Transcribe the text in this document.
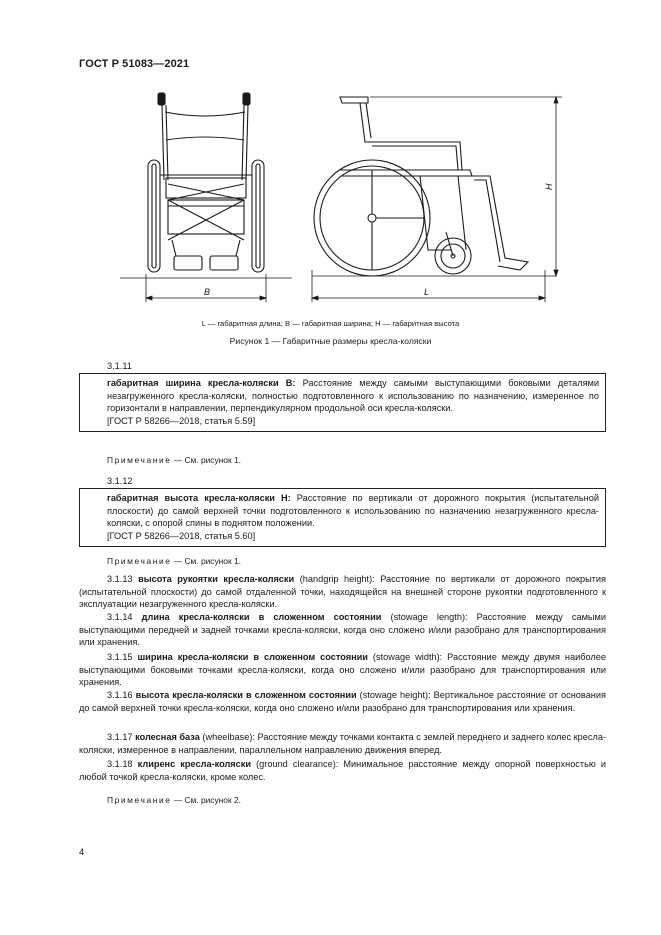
ГОСТ Р 51083—2021
B	L
H
L — габаритная длина; B — габаритная ширина; H — габаритная высота
Рисунок 1 — Габаритные размеры кресла-коляски
3.1.11
габаритная ширина кресла-коляски B: Расстояние между самыми выступающими боковыми деталями незагруженного кресла-коляски, полностью подготовленного к использованию по назначению, измеренное по горизонтали в направлении, перпендикулярном продольной оси кресла-коляски.
[ГОСТ Р 58266—2018, статья 5.59]
Примечание — См. рисунок 1.
3.1.12
габаритная высота кресла-коляски H: Расстояние по вертикали от дорожного покрытия (испытательной плоскости) до самой верхней точки подготовленного к использованию по назначению незагруженного кресла-коляски, с опорой спины в поднятом положении.
[ГОСТ Р 58266—2018, статья 5.60]
Примечание — См. рисунок 1.
3.1.13 высота рукоятки кресла-коляски (handgrip height): Расстояние по вертикали от дорожного покрытия (испытательной плоскости) до самой отдаленной точки, находящейся на внешней стороне рукоятки подготовленного к эксплуатации незагруженного кресла-коляски.
3.1.14 длина кресла-коляски в сложенном состоянии (stowage length): Расстояние между самыми выступающими передней и задней точками кресла-коляски, когда оно сложено и/или разобрано для транспортирования или хранения.
3.1.15 ширина кресла-коляски в сложенном состоянии (stowage width): Расстояние между двумя наиболее выступающими боковыми точками кресла-коляски, когда оно сложено и/или разобрано для транспортирования или хранения.
3.1.16 высота кресла-коляски в сложенном состоянии (stowage height): Вертикальное расстояние от основания до самой верхней точки кресла-коляски, когда оно сложено и/или разобрано для транспортирования или хранения.
3.1.17 колесная база (wheelbase): Расстояние между точками контакта с землей переднего и заднего колес кресла-коляски, измеренное в направлении, параллельном направлению движения вперед.
3.1.18 клиренс кресла-коляски (ground clearance): Минимальное расстояние между опорной поверхностью и любой точкой кресла-коляски, кроме колес.
Примечание — См. рисунок 2.
4
